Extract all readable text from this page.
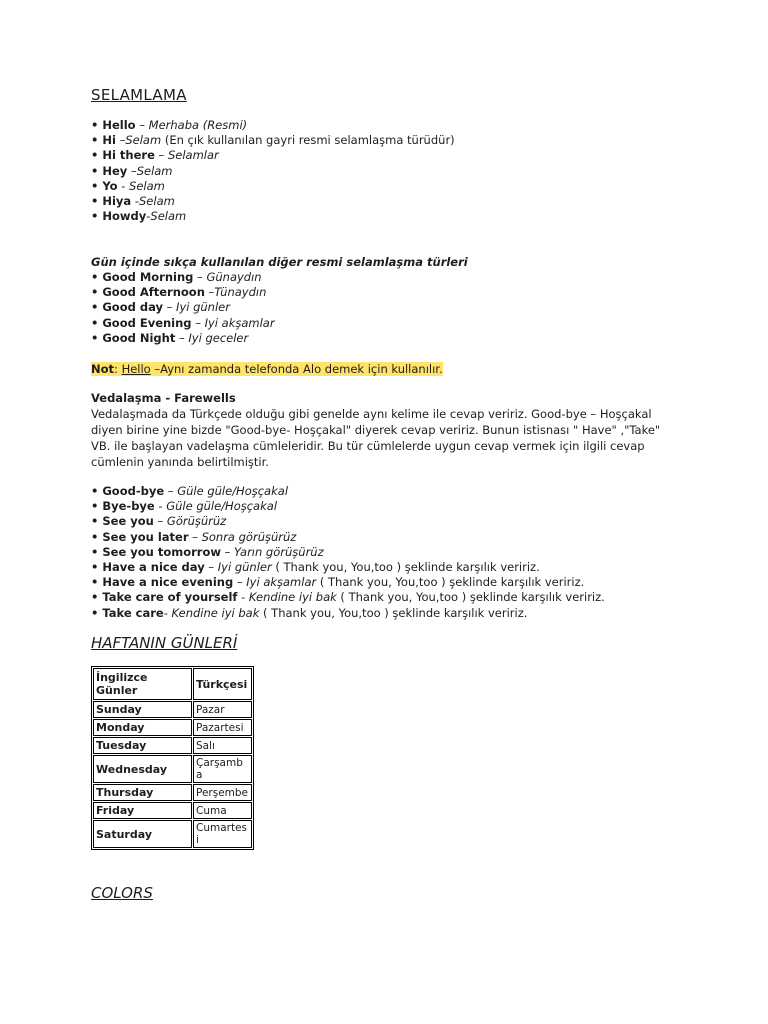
SELAMLAMA
• Hello – Merhaba (Resmi)
• Hi –Selam (En çık kullanılan gayri resmi selamlaşma türüdür)
• Hi there – Selamlar
• Hey –Selam
• Yo - Selam
• Hiya -Selam
• Howdy-Selam
Gün içinde sıkça kullanılan diğer resmi selamlaşma türleri
• Good Morning – Günaydın
• Good Afternoon –Tünaydın
• Good day – Iyi günler
• Good Evening – Iyi akşamlar
• Good Night – Iyi geceler
Not: Hello –Aynı zamanda telefonda Alo demek için kullanılır.
Vedalaşma - Farewells
Vedalaşmada da Türkçede olduğu gibi genelde aynı kelime ile cevap veririz. Good-bye – Hoşçakal diyen birine yine bizde "Good-bye- Hoşçakal" diyerek cevap veririz. Bunun istisnası " Have" ,"Take" VB. ile başlayan vadelaşma cümleleridir. Bu tür cümlelerde uygun cevap vermek için ilgili cevap cümlenin yanında belirtilmiştir.
• Good-bye – Güle güle/Hoşçakal
• Bye-bye - Güle güle/Hoşçakal
• See you – Görüşürüz
• See you later – Sonra görüşürüz
• See you tomorrow – Yarın görüşürüz
• Have a nice day – Iyi günler ( Thank you, You,too ) şeklinde karşılık veririz.
• Have a nice evening – Iyi akşamlar ( Thank you, You,too ) şeklinde karşılık veririz.
• Take care of yourself - Kendine iyi bak ( Thank you, You,too ) şeklinde karşılık veririz.
• Take care- Kendine iyi bak ( Thank you, You,too ) şeklinde karşılık veririz.
HAFTANIN GÜNLERİ
İngilizce Günler	Türkçesi
Sunday	Pazar
Monday	Pazartesi
Tuesday	Salı
Wednesday	Çarşamba
Thursday	Perşembe
Friday	Cuma
Saturday	Cumartesi
COLORS
